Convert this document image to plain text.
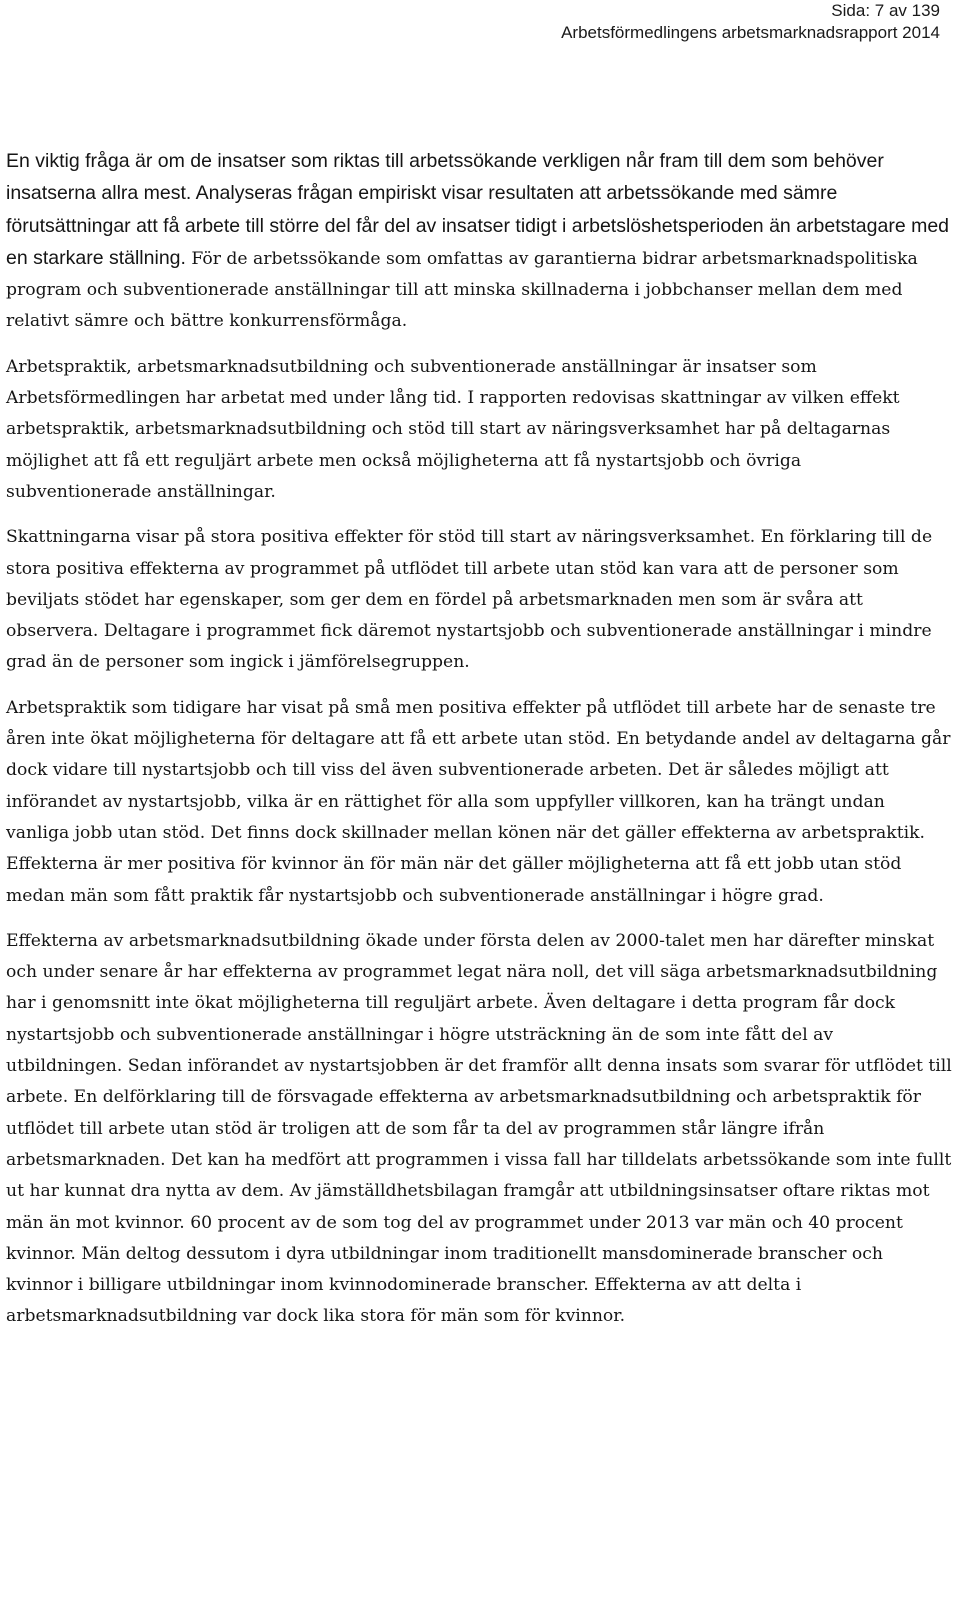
Sida: 7 av 139
Arbetsförmedlingens arbetsmarknadsrapport 2014

En viktig fråga är om de insatser som riktas till arbetssökande verkligen når fram till dem som behöver insatserna allra mest. Analyseras frågan empiriskt visar resultaten att arbetssökande med sämre förutsättningar att få arbete till större del får del av insatser tidigt i arbetslöshetsperioden än arbetstagare med en starkare ställning. För de arbetssökande som omfattas av garantierna bidrar arbetsmarknadspolitiska program och subventionerade anställningar till att minska skillnaderna i jobbchanser mellan dem med relativt sämre och bättre konkurrensförmåga.

Arbetspraktik, arbetsmarknadsutbildning och subventionerade anställningar är insatser som Arbetsförmedlingen har arbetat med under lång tid. I rapporten redovisas skattningar av vilken effekt arbetspraktik, arbetsmarknadsutbildning och stöd till start av näringsverksamhet har på deltagarnas möjlighet att få ett reguljärt arbete men också möjligheterna att få nystartsjobb och övriga subventionerade anställningar.

Skattningarna visar på stora positiva effekter för stöd till start av näringsverksamhet. En förklaring till de stora positiva effekterna av programmet på utflödet till arbete utan stöd kan vara att de personer som beviljats stödet har egenskaper, som ger dem en fördel på arbetsmarknaden men som är svåra att observera. Deltagare i programmet fick däremot nystartsjobb och subventionerade anställningar i mindre grad än de personer som ingick i jämförelsegruppen.

Arbetspraktik som tidigare har visat på små men positiva effekter på utflödet till arbete har de senaste tre åren inte ökat möjligheterna för deltagare att få ett arbete utan stöd. En betydande andel av deltagarna går dock vidare till nystartsjobb och till viss del även subventionerade arbeten. Det är således möjligt att införandet av nystartsjobb, vilka är en rättighet för alla som uppfyller villkoren, kan ha trängt undan vanliga jobb utan stöd. Det finns dock skillnader mellan könen när det gäller effekterna av arbetspraktik. Effekterna är mer positiva för kvinnor än för män när det gäller möjligheterna att få ett jobb utan stöd medan män som fått praktik får nystartsjobb och subventionerade anställningar i högre grad.

Effekterna av arbetsmarknadsutbildning ökade under första delen av 2000-talet men har därefter minskat och under senare år har effekterna av programmet legat nära noll, det vill säga arbetsmarknadsutbildning har i genomsnitt inte ökat möjligheterna till reguljärt arbete. Även deltagare i detta program får dock nystartsjobb och subventionerade anställningar i högre utsträckning än de som inte fått del av utbildningen. Sedan införandet av nystartsjobben är det framför allt denna insats som svarar för utflödet till arbete. En delförklaring till de försvagade effekterna av arbetsmarknadsutbildning och arbetspraktik för utflödet till arbete utan stöd är troligen att de som får ta del av programmen står längre ifrån arbetsmarknaden. Det kan ha medfört att programmen i vissa fall har tilldelats arbetssökande som inte fullt ut har kunnat dra nytta av dem. Av jämställdhetsbilagan framgår att utbildningsinsatser oftare riktas mot män än mot kvinnor. 60 procent av de som tog del av programmet under 2013 var män och 40 procent kvinnor. Män deltog dessutom i dyra utbildningar inom traditionellt mansdominerade branscher och kvinnor i billigare utbildningar inom kvinnodominerade branscher. Effekterna av att delta i arbetsmarknadsutbildning var dock lika stora för män som för kvinnor.
